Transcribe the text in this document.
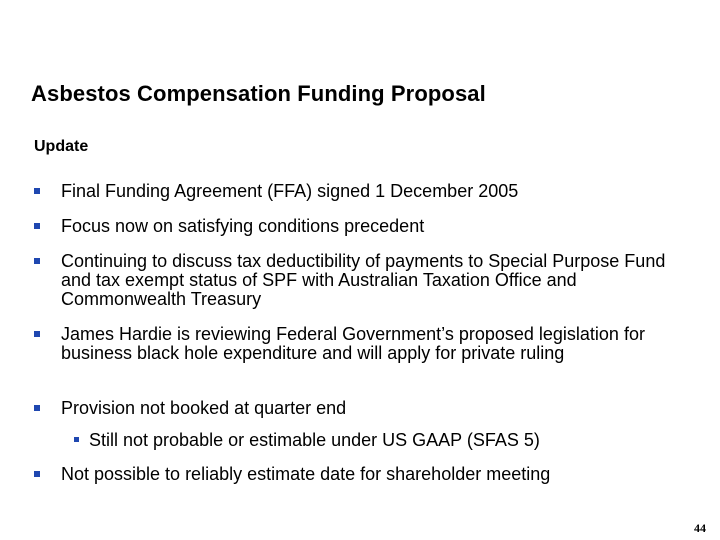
Asbestos Compensation Funding Proposal
Update
Final Funding Agreement (FFA) signed 1 December 2005
Focus now on satisfying conditions precedent
Continuing to discuss tax deductibility of payments to Special Purpose Fund and tax exempt status of SPF with Australian Taxation Office and Commonwealth Treasury
James Hardie is reviewing Federal Government’s proposed legislation for business black hole expenditure and will apply for private ruling
Provision not booked at quarter end
Still not probable or estimable under US GAAP (SFAS 5)
Not possible to reliably estimate date for shareholder meeting
44
